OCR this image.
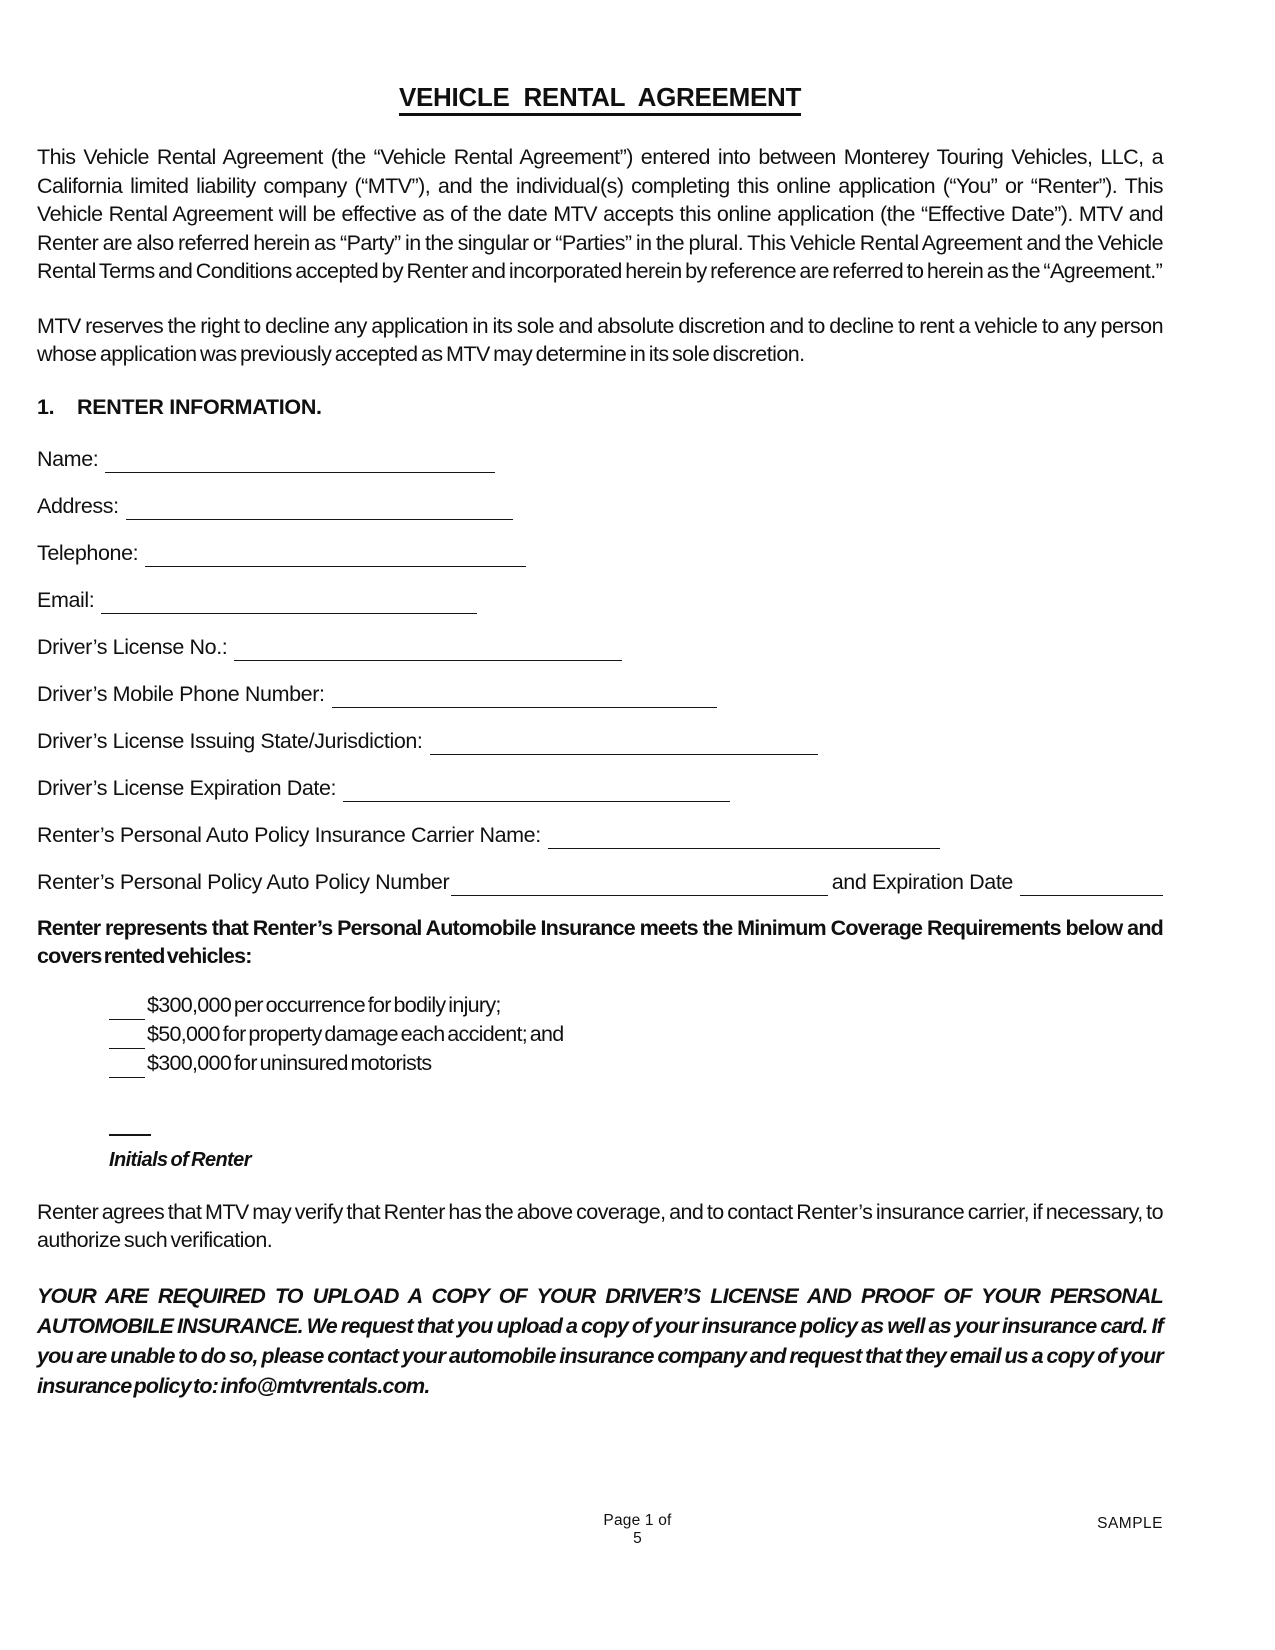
VEHICLE RENTAL AGREEMENT

This Vehicle Rental Agreement (the “Vehicle Rental Agreement”) entered into between Monterey Touring Vehicles, LLC, a California limited liability company (“MTV”), and the individual(s) completing this online application (“You” or “Renter”). This Vehicle Rental Agreement will be effective as of the date MTV accepts this online application (the “Effective Date”). MTV and Renter are also referred herein as “Party” in the singular or “Parties” in the plural. This Vehicle Rental Agreement and the Vehicle Rental Terms and Conditions accepted by Renter and incorporated herein by reference are referred to herein as the “Agreement.”

MTV reserves the right to decline any application in its sole and absolute discretion and to decline to rent a vehicle to any person whose application was previously accepted as MTV may determine in its sole discretion.

1. RENTER INFORMATION.
Name:
Address:
Telephone:
Email:
Driver’s License No.:
Driver’s Mobile Phone Number:
Driver’s License Issuing State/Jurisdiction:
Driver’s License Expiration Date:
Renter’s Personal Auto Policy Insurance Carrier Name:
Renter’s Personal Policy Auto Policy Number	and Expiration Date

Renter represents that Renter’s Personal Automobile Insurance meets the Minimum Coverage Requirements below and covers rented vehicles:

$300,000 per occurrence for bodily injury;
$50,000 for property damage each accident; and
$300,000 for uninsured motorists
Initials of Renter

Renter agrees that MTV may verify that Renter has the above coverage, and to contact Renter’s insurance carrier, if necessary, to authorize such verification.

YOUR ARE REQUIRED TO UPLOAD A COPY OF YOUR DRIVER’S LICENSE AND PROOF OF YOUR PERSONAL AUTOMOBILE INSURANCE. We request that you upload a copy of your insurance policy as well as your insurance card. If you are unable to do so, please contact your automobile insurance company and request that they email us a copy of your insurance policy to: info@mtvrentals.com.

Page 1 of
5
SAMPLE
